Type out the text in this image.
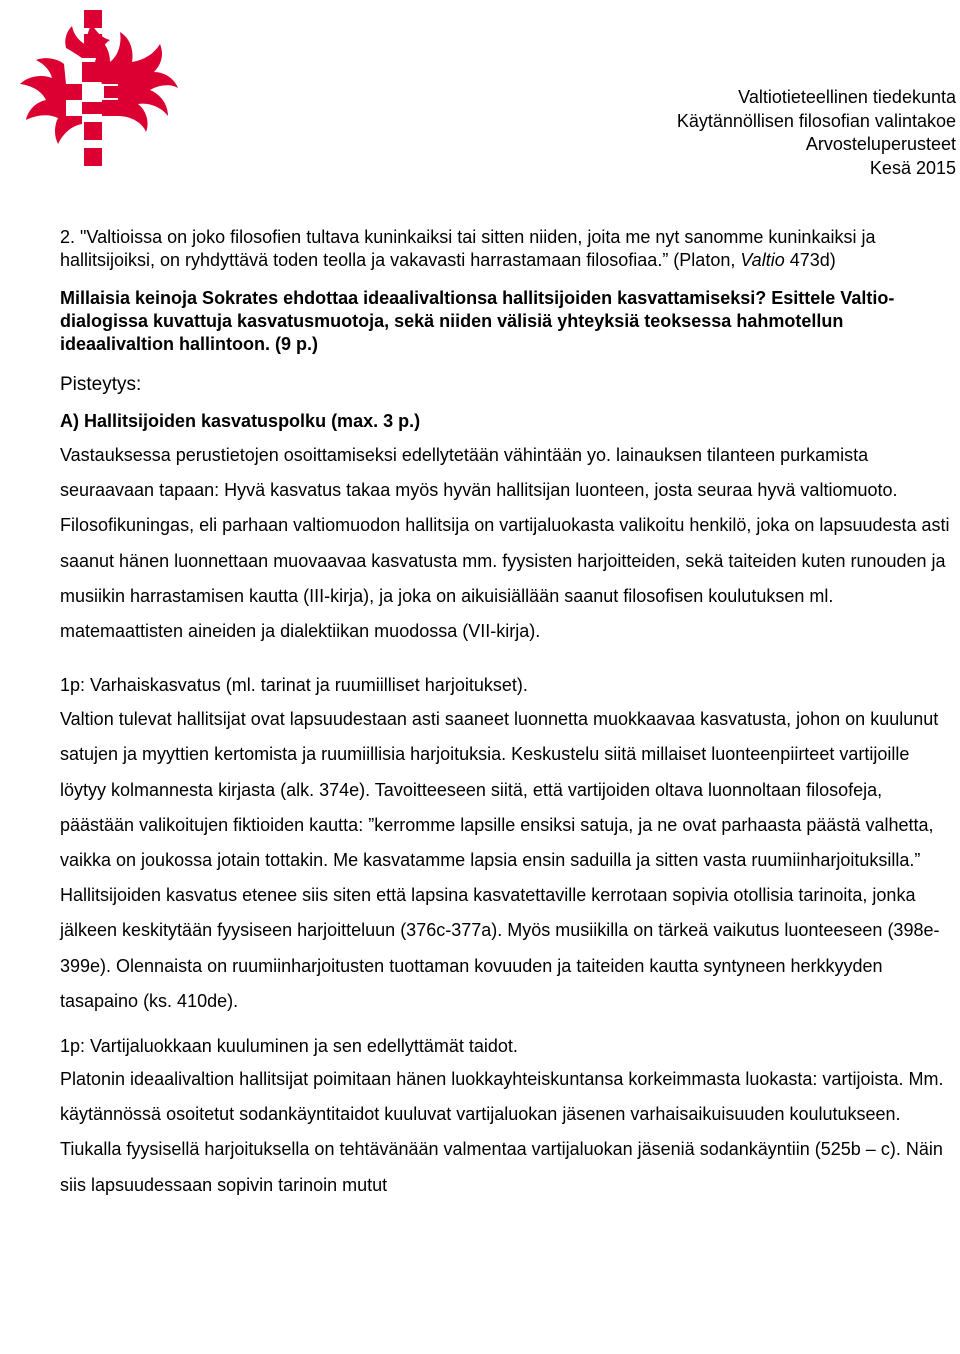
Valtiotieteellinen tiedekunta
Käytännöllisen filosofian valintakoe
Arvosteluperusteet
Kesä 2015

2. "Valtioissa on joko filosofien tultava kuninkaiksi tai sitten niiden, joita me nyt sanomme kuninkaiksi ja hallitsijoiksi, on ryhdyttävä toden teolla ja vakavasti harrastamaan filosofiaa.” (Platon, Valtio 473d)

Millaisia keinoja Sokrates ehdottaa ideaalivaltionsa hallitsijoiden kasvattamiseksi? Esittele Valtio-dialogissa kuvattuja kasvatusmuotoja, sekä niiden välisiä yhteyksiä teoksessa hahmotellun ideaalivaltion hallintoon. (9 p.)

Pisteytys:

A) Hallitsijoiden kasvatuspolku (max. 3 p.)

Vastauksessa perustietojen osoittamiseksi edellytetään vähintään yo. lainauksen tilanteen purkamista seuraavaan tapaan: Hyvä kasvatus takaa myös hyvän hallitsijan luonteen, josta seuraa hyvä valtiomuoto. Filosofikuningas, eli parhaan valtiomuodon hallitsija on vartijaluokasta valikoitu henkilö, joka on lapsuudesta asti saanut hänen luonnettaan muovaavaa kasvatusta mm. fyysisten harjoitteiden, sekä taiteiden kuten runouden ja musiikin harrastamisen kautta (III-kirja), ja joka on aikuisiällään saanut filosofisen koulutuksen ml. matemaattisten aineiden ja dialektiikan muodossa (VII-kirja).

1p: Varhaiskasvatus (ml. tarinat ja ruumiilliset harjoitukset).

Valtion tulevat hallitsijat ovat lapsuudestaan asti saaneet luonnetta muokkaavaa kasvatusta, johon on kuulunut satujen ja myyttien kertomista ja ruumiillisia harjoituksia. Keskustelu siitä millaiset luonteenpiirteet vartijoille löytyy kolmannesta kirjasta (alk. 374e). Tavoitteeseen siitä, että vartijoiden oltava luonnoltaan filosofeja, päästään valikoitujen fiktioiden kautta: ”kerromme lapsille ensiksi satuja, ja ne ovat parhaasta päästä valhetta, vaikka on joukossa jotain tottakin. Me kasvatamme lapsia ensin saduilla ja sitten vasta ruumiinharjoituksilla.” Hallitsijoiden kasvatus etenee siis siten että lapsina kasvatettaville kerrotaan sopivia otollisia tarinoita, jonka jälkeen keskitytään fyysiseen harjoitteluun (376c-377a). Myös musiikilla on tärkeä vaikutus luonteeseen (398e-399e). Olennaista on ruumiinharjoitusten tuottaman kovuuden ja taiteiden kautta syntyneen herkkyyden tasapaino (ks. 410de).

1p: Vartijaluokkaan kuuluminen ja sen edellyttämät taidot.

Platonin ideaalivaltion hallitsijat poimitaan hänen luokkayhteiskuntansa korkeimmasta luokasta: vartijoista. Mm. käytännössä osoitetut sodankäyntitaidot kuuluvat vartijaluokan jäsenen varhaisaikuisuuden koulutukseen. Tiukalla fyysisellä harjoituksella on tehtävänään valmentaa vartijaluokan jäseniä sodankäyntiin (525b – c). Näin siis lapsuudessaan sopivin tarinoin mutut
